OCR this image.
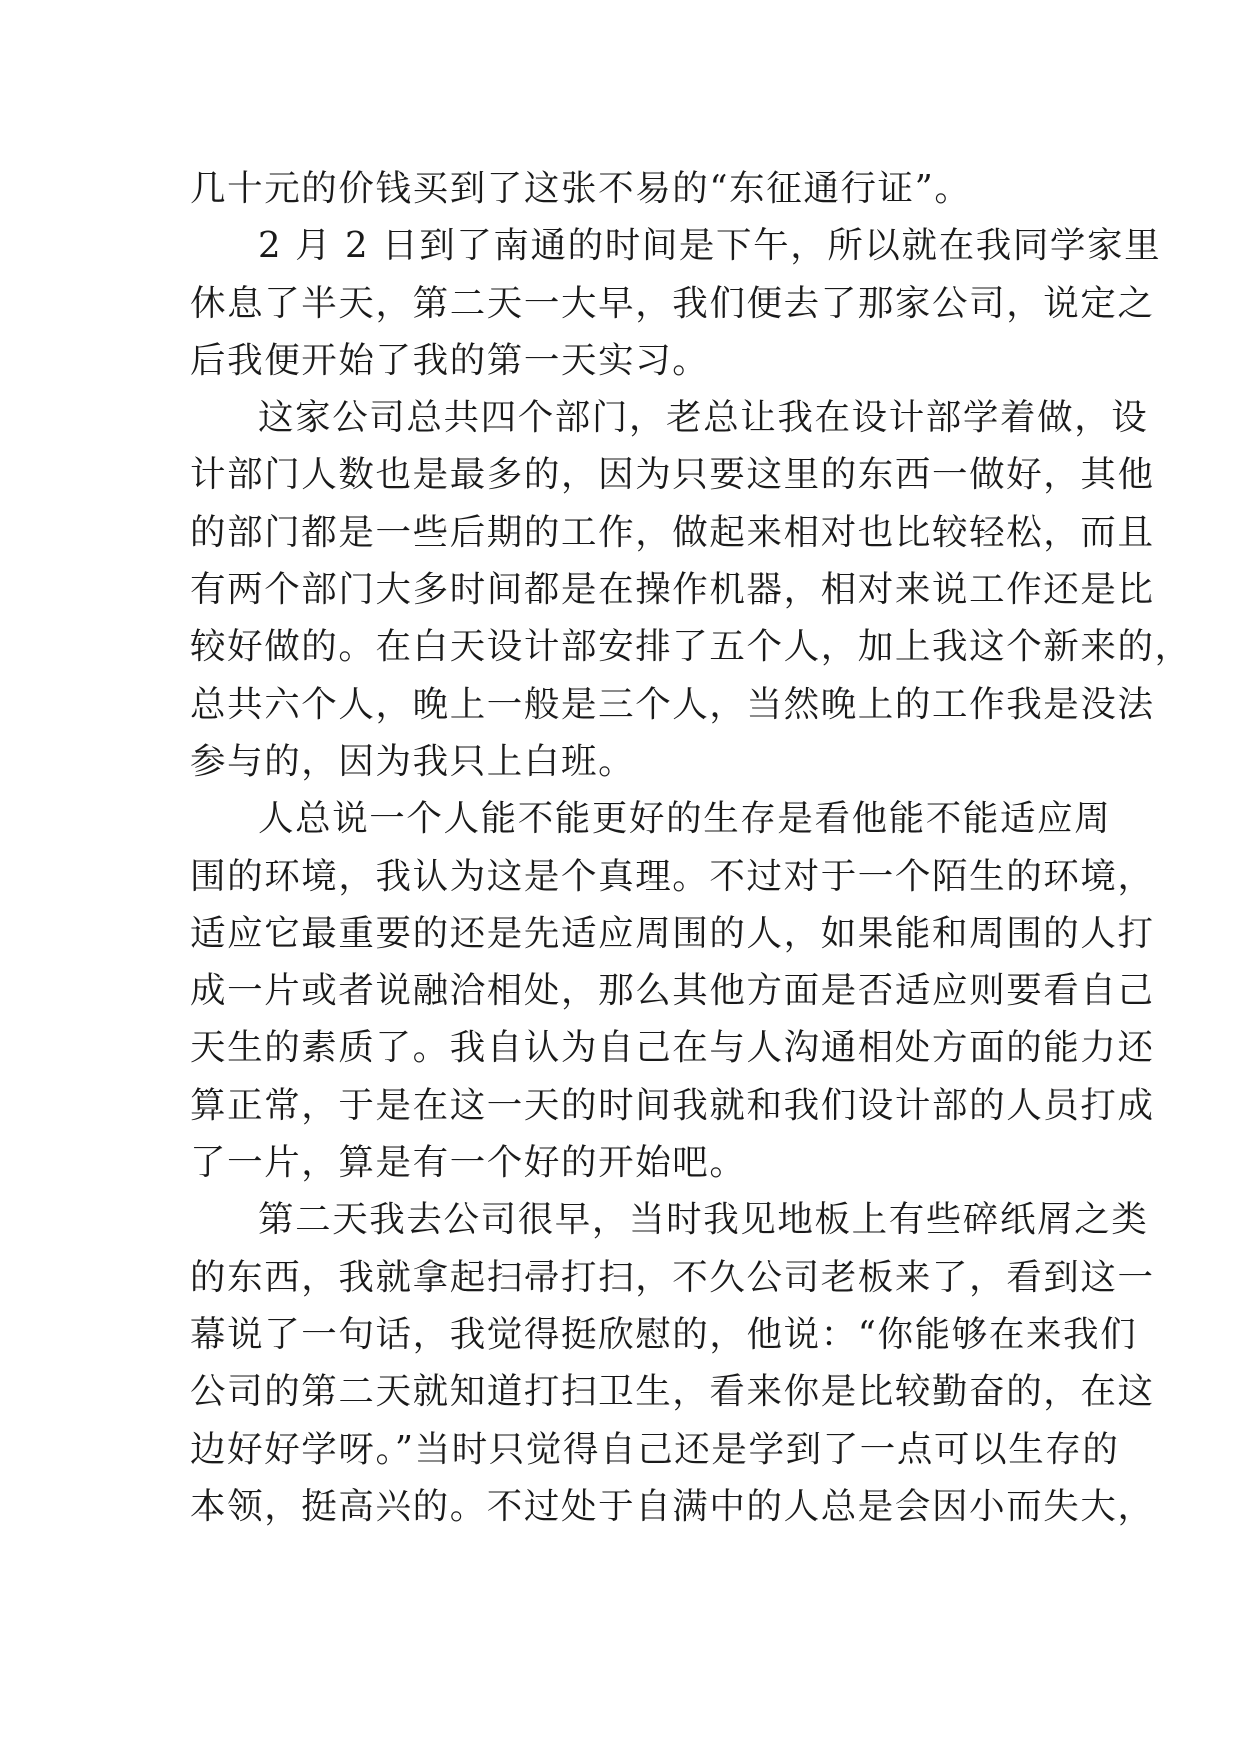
几十元的价钱买到了这张不易的“东征通行证”。
2 月 2 日到了南通的时间是下午，所以就在我同学家里
休息了半天，第二天一大早，我们便去了那家公司，说定之
后我便开始了我的第一天实习。
这家公司总共四个部门，老总让我在设计部学着做，设
计部门人数也是最多的，因为只要这里的东西一做好，其他
的部门都是一些后期的工作，做起来相对也比较轻松，而且
有两个部门大多时间都是在操作机器，相对来说工作还是比
较好做的。在白天设计部安排了五个人，加上我这个新来的，
总共六个人，晚上一般是三个人，当然晚上的工作我是没法
参与的，因为我只上白班。
人总说一个人能不能更好的生存是看他能不能适应周
围的环境，我认为这是个真理。不过对于一个陌生的环境，
适应它最重要的还是先适应周围的人，如果能和周围的人打
成一片或者说融洽相处，那么其他方面是否适应则要看自己
天生的素质了。我自认为自己在与人沟通相处方面的能力还
算正常，于是在这一天的时间我就和我们设计部的人员打成
了一片，算是有一个好的开始吧。
第二天我去公司很早，当时我见地板上有些碎纸屑之类
的东西，我就拿起扫帚打扫，不久公司老板来了，看到这一
幕说了一句话，我觉得挺欣慰的，他说：“你能够在来我们
公司的第二天就知道打扫卫生，看来你是比较勤奋的，在这
边好好学呀。”当时只觉得自己还是学到了一点可以生存的
本领，挺高兴的。不过处于自满中的人总是会因小而失大，
